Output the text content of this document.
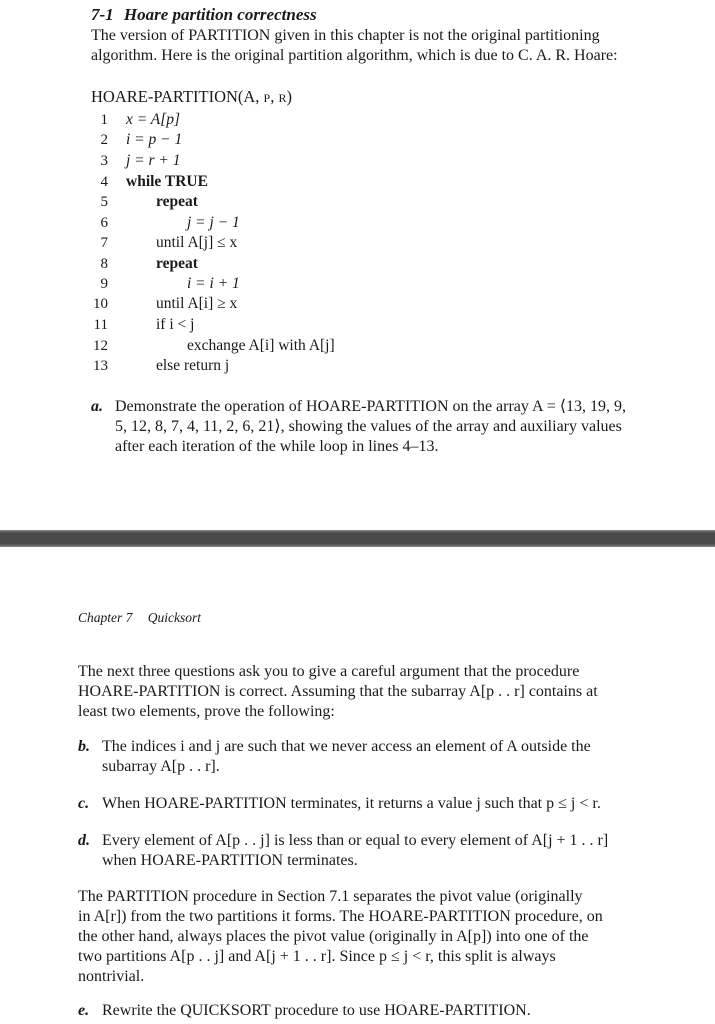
7-1 Hoare partition correctness
The version of PARTITION given in this chapter is not the original partitioning
algorithm. Here is the original partition algorithm, which is due to C. A. R. Hoare:
HOARE-PARTITION(A, p, r)
1 x = A[p]
2 i = p − 1
3 j = r + 1
4 while TRUE
5	repeat
6	j = j − 1
7	until A[j] ≤ x
8	repeat
9	i = i + 1
10	until A[i] ≥ x
11	if i < j
12	exchange A[i] with A[j]
13	else return j
a. Demonstrate the operation of HOARE-PARTITION on the array A = ⟨13, 19, 9,
5, 12, 8, 7, 4, 11, 2, 6, 21⟩, showing the values of the array and auxiliary values
after each iteration of the while loop in lines 4–13.
Chapter 7 Quicksort
The next three questions ask you to give a careful argument that the procedure
HOARE-PARTITION is correct. Assuming that the subarray A[p . . r] contains at
least two elements, prove the following:
b. The indices i and j are such that we never access an element of A outside the
subarray A[p . . r].
c. When HOARE-PARTITION terminates, it returns a value j such that p ≤ j < r.
d. Every element of A[p . . j] is less than or equal to every element of A[j + 1 . . r]
when HOARE-PARTITION terminates.
The PARTITION procedure in Section 7.1 separates the pivot value (originally
in A[r]) from the two partitions it forms. The HOARE-PARTITION procedure, on
the other hand, always places the pivot value (originally in A[p]) into one of the
two partitions A[p . . j] and A[j + 1 . . r]. Since p ≤ j < r, this split is always
nontrivial.
e. Rewrite the QUICKSORT procedure to use HOARE-PARTITION.
